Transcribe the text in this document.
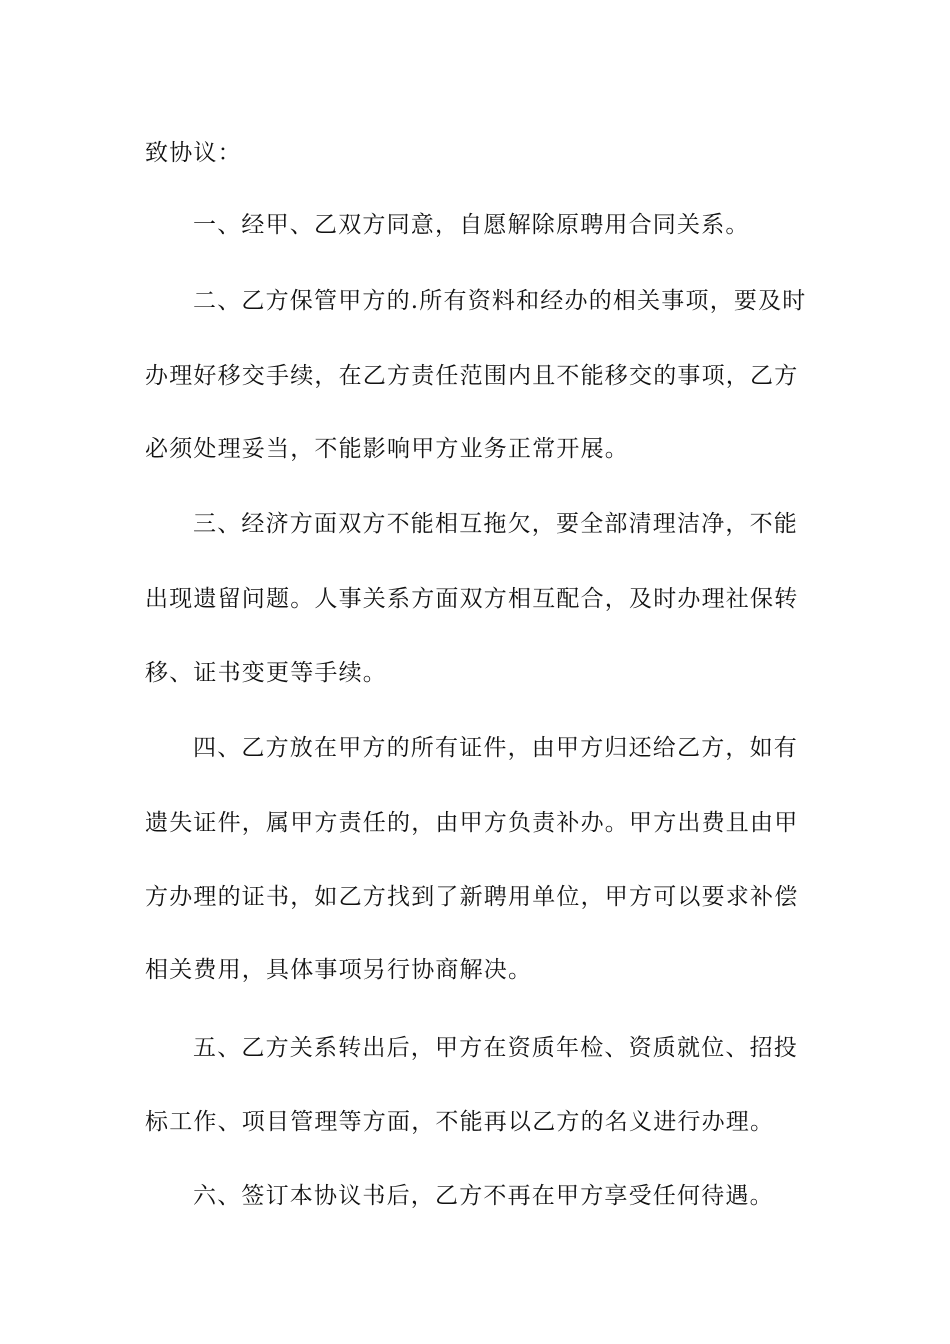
致协议：
一、经甲、乙双方同意，自愿解除原聘用合同关系。
二、乙方保管甲方的.所有资料和经办的相关事项，要及时
办理好移交手续，在乙方责任范围内且不能移交的事项，乙方
必须处理妥当，不能影响甲方业务正常开展。
三、经济方面双方不能相互拖欠，要全部清理洁净，不能
出现遗留问题。人事关系方面双方相互配合，及时办理社保转
移、证书变更等手续。
四、乙方放在甲方的所有证件，由甲方归还给乙方，如有
遗失证件，属甲方责任的，由甲方负责补办。甲方出费且由甲
方办理的证书，如乙方找到了新聘用单位，甲方可以要求补偿
相关费用，具体事项另行协商解决。
五、乙方关系转出后，甲方在资质年检、资质就位、招投
标工作、项目管理等方面，不能再以乙方的名义进行办理。
六、签订本协议书后，乙方不再在甲方享受任何待遇。
